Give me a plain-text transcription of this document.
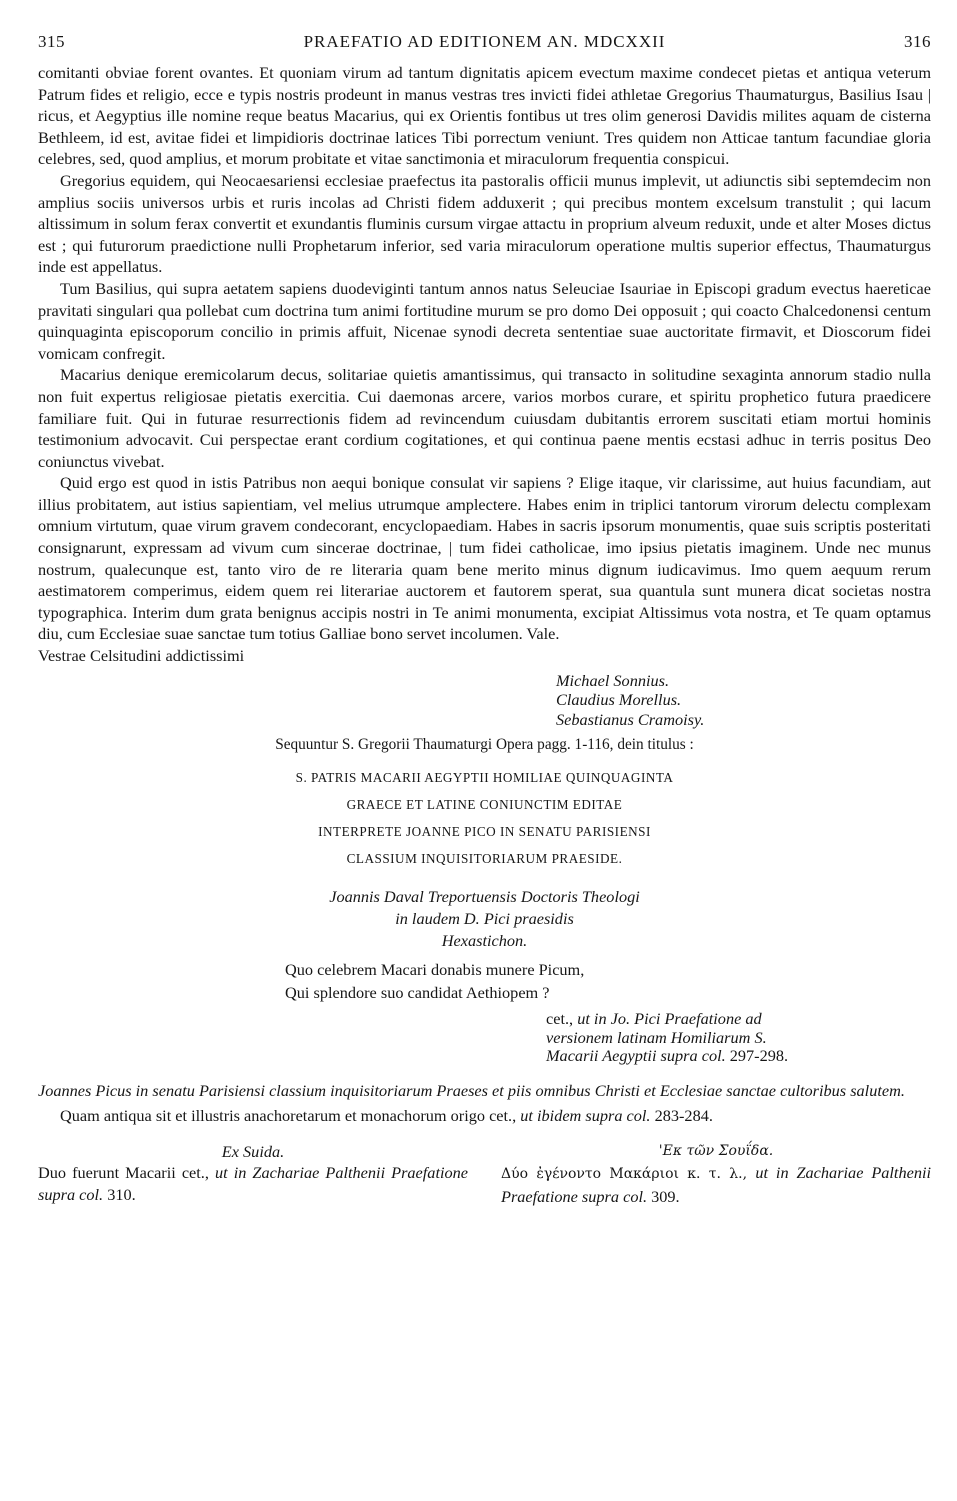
315	PRAEFATIO AD EDITIONEM AN. MDCXXII	316

comitanti obviae forent ovantes. Et quoniam virum ad tantum dignitatis apicem evectum maxime condecet pietas et antiqua veterum Patrum fides et religio, ecce e typis nostris prodeunt in manus vestras tres invicti fidei athletae Gregorius Thaumaturgus, Basilius Isau | ricus, et Aegyptius ille nomine reque beatus Macarius, qui ex Orientis fontibus ut tres olim generosi Davidis milites aquam de cisterna Bethleem, id est, avitae fidei et limpidioris doctrinae latices Tibi porrectum veniunt. Tres quidem non Atticae tantum facundiae gloria celebres, sed, quod amplius, et morum probitate et vitae sanctimonia et miraculorum frequentia conspicui.

Gregorius equidem, qui Neocaesariensi ecclesiae praefectus ita pastoralis officii munus implevit, ut adiunctis sibi septemdecim non amplius sociis universos urbis et ruris incolas ad Christi fidem adduxerit ; qui precibus montem excelsum transtulit ; qui lacum altissimum in solum ferax convertit et exundantis fluminis cursum virgae attactu in proprium alveum reduxit, unde et alter Moses dictus est ; qui futurorum praedictione nulli Prophetarum inferior, sed varia miraculorum operatione multis superior effectus, Thaumaturgus inde est appellatus.

Tum Basilius, qui supra aetatem sapiens duodeviginti tantum annos natus Seleuciae Isauriae in Episcopi gradum evectus haereticae pravitati singulari qua pollebat cum doctrina tum animi fortitudine murum se pro domo Dei opposuit ; qui coacto Chalcedonensi centum quinquaginta episcoporum concilio in primis affuit, Nicenae synodi decreta sententiae suae auctoritate firmavit, et Dioscorum fidei vomicam confregit.

Macarius denique eremicolarum decus, solitariae quietis amantissimus, qui transacto in solitudine sexaginta annorum stadio nulla non fuit expertus religiosae pietatis exercitia. Cui daemonas arcere, varios morbos curare, et spiritu prophetico futura praedicere familiare fuit. Qui in futurae resurrectionis fidem ad revincendum cuiusdam dubitantis errorem suscitati etiam mortui hominis testimonium advocavit. Cui perspectae erant cordium cogitationes, et qui continua paene mentis ecstasi adhuc in terris positus Deo coniunctus vivebat.

Quid ergo est quod in istis Patribus non aequi bonique consulat vir sapiens ? Elige itaque, vir clarissime, aut huius facundiam, aut illius probitatem, aut istius sapientiam, vel melius utrumque amplectere. Habes enim in triplici tantorum virorum delectu complexam omnium virtutum, quae virum gravem condecorant, encyclopaediam. Habes in sacris ipsorum monumentis, quae suis scriptis posteritati consignarunt, expressam ad vivum cum sincerae doctrinae, | tum fidei catholicae, imo ipsius pietatis imaginem. Unde nec munus nostrum, qualecunque est, tanto viro de re literaria quam bene merito minus dignum iudicavimus. Imo quem aequum rerum aestimatorem comperimus, eidem quem rei literariae auctorem et fautorem sperat, sua quantula sunt munera dicat societas nostra typographica. Interim dum grata benignus accipis nostri in Te animi monumenta, excipiat Altissimus vota nostra, et Te quam optamus diu, cum Ecclesiae suae sanctae tum totius Galliae bono servet incolumen. Vale.

Vestrae Celsitudini addictissimi

Michael Sonnius.
Claudius Morellus.
Sebastianus Cramoisy.
Sequuntur S. Gregorii Thaumaturgi Opera pagg. 1-116, dein titulus :
S. PATRIS MACARII AEGYPTII HOMILIAE QUINQUAGINTA
GRAECE ET LATINE CONIUNCTIM EDITAE
INTERPRETE JOANNE PICO IN SENATU PARISIENSI
CLASSIUM INQUISITORIARUM PRAESIDE.
Joannis Daval Treportuensis Doctoris Theologi
in laudem D. Pici praesidis
Hexastichon.
Quo celebrem Macari donabis munere Picum,
Qui splendore suo candidat Aethiopem ?
cet., ut in Jo. Pici Praefatione ad
versionem latinam Homiliarum S.
Macarii Aegyptii supra col. 297-298.
Joannes Picus in senatu Parisiensi classium inquisitoriarum Praeses et piis omnibus Christi et Ecclesiae sanctae cultoribus salutem.

Quam antiqua sit et illustris anachoretarum et monachorum origo cet., ut ibidem supra col. 283-284.

Ex Suida.
Duo fuerunt Macarii cet., ut in Zachariae Palthenii Praefatione supra col. 310.
'Εκ τῶν Σουΐδα.
Δύο ἐγένοντο Μακάριοι κ. τ. λ., ut in Zachariae Palthenii Praefatione supra col. 309.
